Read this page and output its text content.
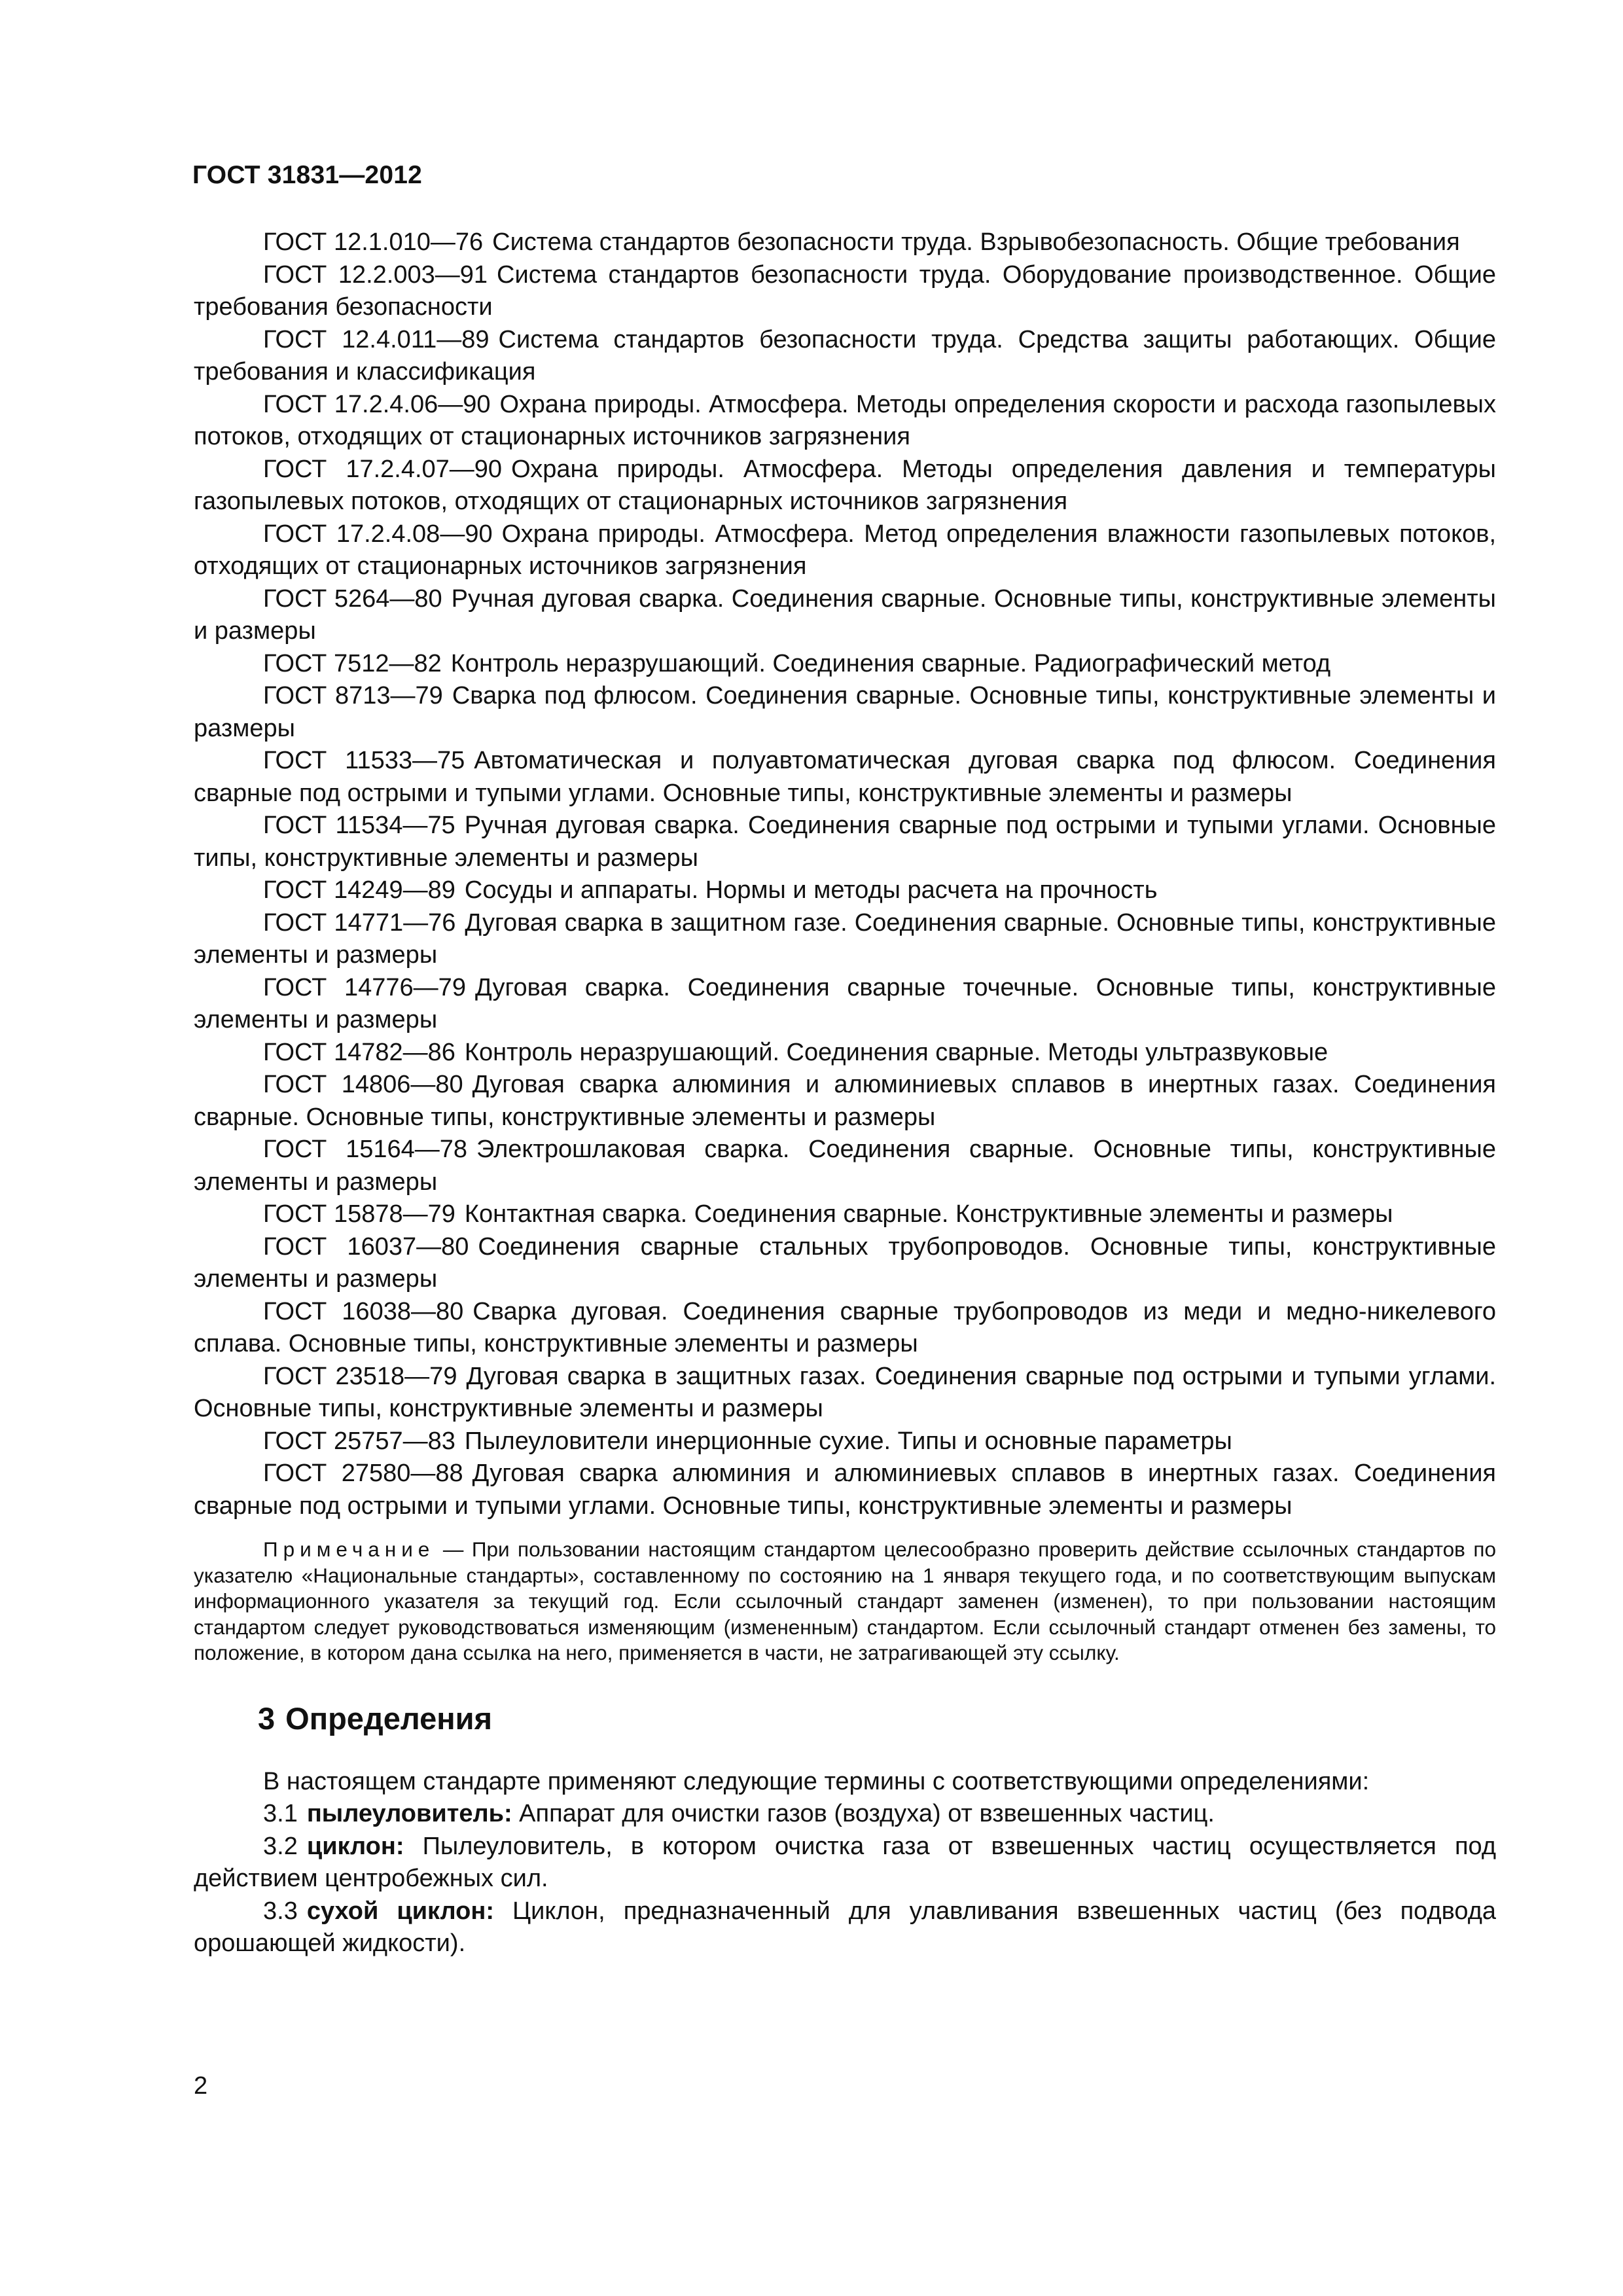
ГОСТ 31831—2012

ГОСТ 12.1.010—76 Система стандартов безопасности труда. Взрывобезопасность. Общие требования

ГОСТ 12.2.003—91 Система стандартов безопасности труда. Оборудование производственное. Общие требования безопасности

ГОСТ 12.4.011—89 Система стандартов безопасности труда. Средства защиты работающих. Общие требования и классификация

ГОСТ 17.2.4.06—90 Охрана природы. Атмосфера. Методы определения скорости и расхода газопылевых потоков, отходящих от стационарных источников загрязнения

ГОСТ 17.2.4.07—90 Охрана природы. Атмосфера. Методы определения давления и температуры газопылевых потоков, отходящих от стационарных источников загрязнения

ГОСТ 17.2.4.08—90 Охрана природы. Атмосфера. Метод определения влажности газопылевых потоков, отходящих от стационарных источников загрязнения

ГОСТ 5264—80 Ручная дуговая сварка. Соединения сварные. Основные типы, конструктивные элементы и размеры

ГОСТ 7512—82 Контроль неразрушающий. Соединения сварные. Радиографический метод

ГОСТ 8713—79 Сварка под флюсом. Соединения сварные. Основные типы, конструктивные элементы и размеры

ГОСТ 11533—75 Автоматическая и полуавтоматическая дуговая сварка под флюсом. Соединения сварные под острыми и тупыми углами. Основные типы, конструктивные элементы и размеры

ГОСТ 11534—75 Ручная дуговая сварка. Соединения сварные под острыми и тупыми углами. Основные типы, конструктивные элементы и размеры

ГОСТ 14249—89 Сосуды и аппараты. Нормы и методы расчета на прочность

ГОСТ 14771—76 Дуговая сварка в защитном газе. Соединения сварные. Основные типы, конструктивные элементы и размеры

ГОСТ 14776—79 Дуговая сварка. Соединения сварные точечные. Основные типы, конструктивные элементы и размеры

ГОСТ 14782—86 Контроль неразрушающий. Соединения сварные. Методы ультразвуковые

ГОСТ 14806—80 Дуговая сварка алюминия и алюминиевых сплавов в инертных газах. Соединения сварные. Основные типы, конструктивные элементы и размеры

ГОСТ 15164—78 Электрошлаковая сварка. Соединения сварные. Основные типы, конструктивные элементы и размеры

ГОСТ 15878—79 Контактная сварка. Соединения сварные. Конструктивные элементы и размеры

ГОСТ 16037—80 Соединения сварные стальных трубопроводов. Основные типы, конструктивные элементы и размеры

ГОСТ 16038—80 Сварка дуговая. Соединения сварные трубопроводов из меди и медно-никелевого сплава. Основные типы, конструктивные элементы и размеры

ГОСТ 23518—79 Дуговая сварка в защитных газах. Соединения сварные под острыми и тупыми углами. Основные типы, конструктивные элементы и размеры

ГОСТ 25757—83 Пылеуловители инерционные сухие. Типы и основные параметры

ГОСТ 27580—88 Дуговая сварка алюминия и алюминиевых сплавов в инертных газах. Соединения сварные под острыми и тупыми углами. Основные типы, конструктивные элементы и размеры

Примечание — При пользовании настоящим стандартом целесообразно проверить действие ссылочных стандартов по указателю «Национальные стандарты», составленному по состоянию на 1 января текущего года, и по соответствующим выпускам информационного указателя за текущий год. Если ссылочный стандарт заменен (изменен), то при пользовании настоящим стандартом следует руководствоваться изменяющим (измененным) стандартом. Если ссылочный стандарт отменен без замены, то положение, в котором дана ссылка на него, применяется в части, не затрагивающей эту ссылку.
3 Определения

В настоящем стандарте применяют следующие термины с соответствующими определениями:

3.1 пылеуловитель: Аппарат для очистки газов (воздуха) от взвешенных частиц.

3.2 циклон: Пылеуловитель, в котором очистка газа от взвешенных частиц осуществляется под действием центробежных сил.

3.3 сухой циклон: Циклон, предназначенный для улавливания взвешенных частиц (без подвода орошающей жидкости).

2
